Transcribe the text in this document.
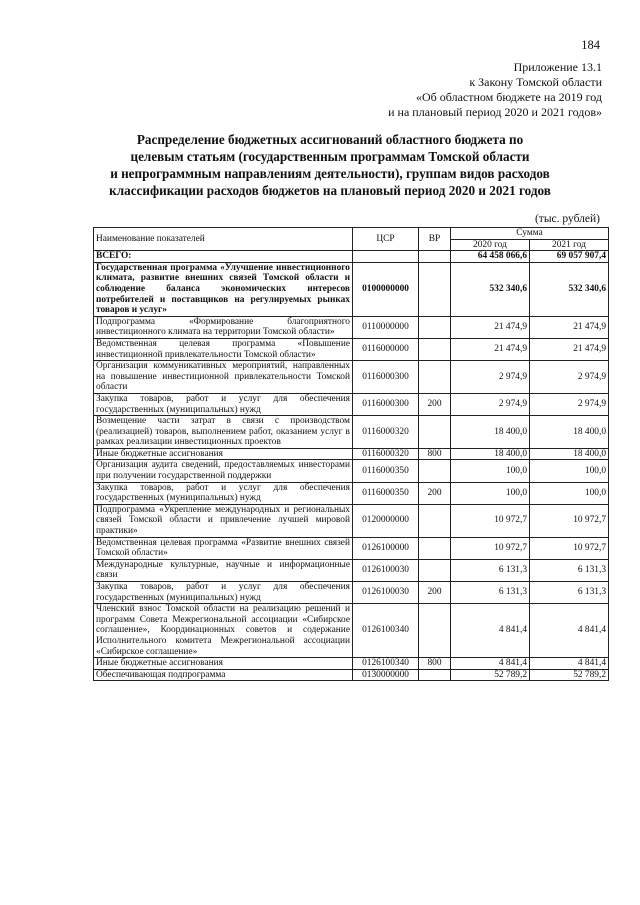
184
Приложение 13.1
к Закону Томской области
«Об областном бюджете на 2019 год
и на плановый период 2020 и 2021 годов»
Распределение бюджетных ассигнований областного бюджета по
целевым статьям (государственным программам Томской области
и непрограммным направлениям деятельности), группам видов расходов
классификации расходов бюджетов на плановый период 2020 и 2021 годов
(тыс. рублей)
Наименование показателей	ЦСР	ВР	Сумма	
			2020 год	2021 год
ВСЕГО:			64 458 066,6	69 057 907,4
Государственная программа «Улучшение инвестиционного климата, развитие внешних связей Томской области и соблюдение баланса экономических интересов потребителей и поставщиков на регулируемых рынках товаров и услуг»	0100000000		532 340,6	532 340,6
Подпрограмма «Формирование благоприятного инвестиционного климата на территории Томской области»	0110000000		21 474,9	21 474,9
Ведомственная целевая программа «Повышение инвестиционной привлекательности Томской области»	0116000000		21 474,9	21 474,9
Организация коммуникативных мероприятий, направленных на повышение инвестиционной привлекательности Томской области	0116000300		2 974,9	2 974,9
Закупка товаров, работ и услуг для обеспечения государственных (муниципальных) нужд	0116000300	200	2 974,9	2 974,9
Возмещение части затрат в связи с производством (реализацией) товаров, выполнением работ, оказанием услуг в рамках реализации инвестиционных проектов	0116000320		18 400,0	18 400,0
Иные бюджетные ассигнования	0116000320	800	18 400,0	18 400,0
Организация аудита сведений, предоставляемых инвесторами при получении государственной поддержки	0116000350		100,0	100,0
Закупка товаров, работ и услуг для обеспечения государственных (муниципальных) нужд	0116000350	200	100,0	100,0
Подпрограмма «Укрепление международных и региональных связей Томской области и привлечение лучшей мировой практики»	0120000000		10 972,7	10 972,7
Ведомственная целевая программа «Развитие внешних связей Томской области»	0126100000		10 972,7	10 972,7
Международные культурные, научные и информационные связи	0126100030		6 131,3	6 131,3
Закупка товаров, работ и услуг для обеспечения государственных (муниципальных) нужд	0126100030	200	6 131,3	6 131,3
Членский взнос Томской области на реализацию решений и программ Совета Межрегиональной ассоциации «Сибирское соглашение», Координационных советов и содержание Исполнительного комитета Межрегиональной ассоциации «Сибирское соглашение»	0126100340		4 841,4	4 841,4
Иные бюджетные ассигнования	0126100340	800	4 841,4	4 841,4
Обеспечивающая подпрограмма	0130000000		52 789,2	52 789,2
